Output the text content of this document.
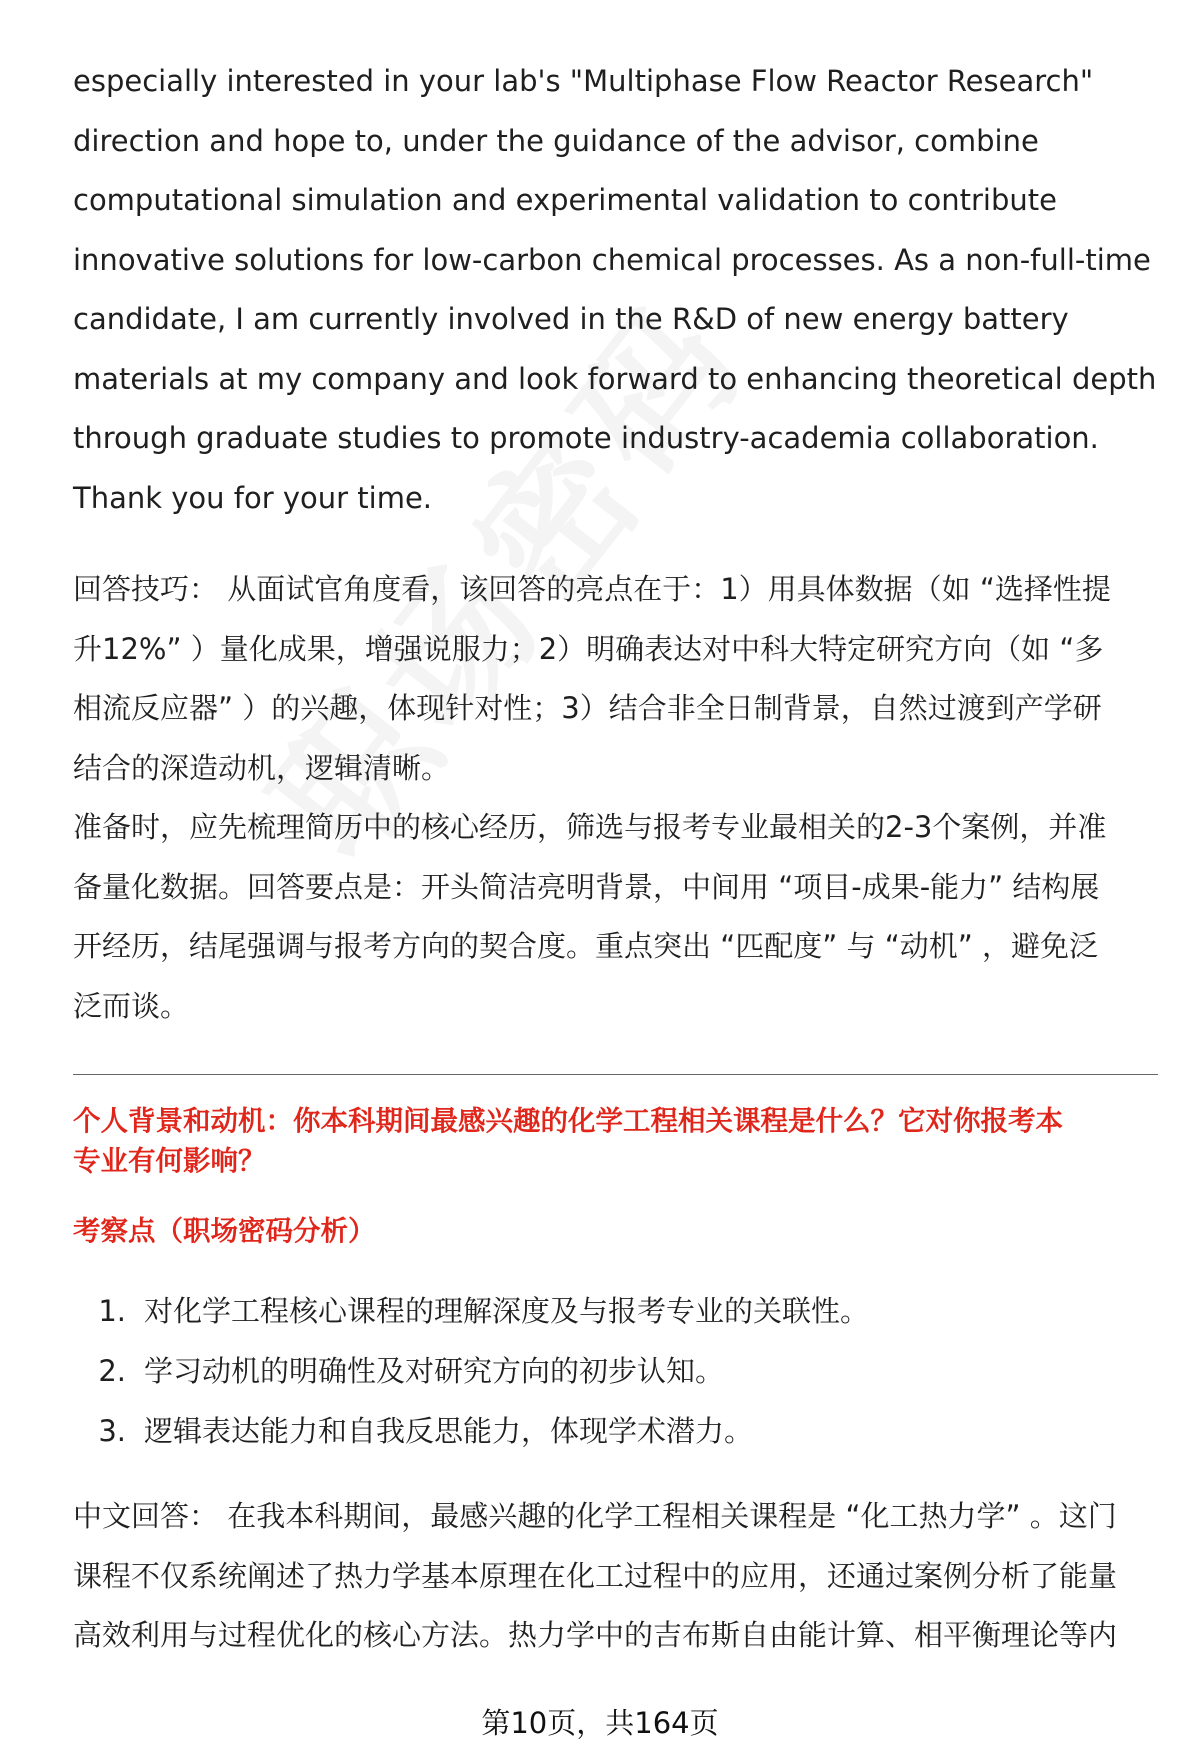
especially interested in your lab's "Multiphase Flow Reactor Research"

direction and hope to, under the guidance of the advisor, combine

computational simulation and experimental validation to contribute

innovative solutions for low-carbon chemical processes. As a non-full-time

candidate, I am currently involved in the R&D of new energy battery

materials at my company and look forward to enhancing theoretical depth

through graduate studies to promote industry-academia collaboration.

Thank you for your time.

回答技巧： 从面试官角度看，该回答的亮点在于：1）用具体数据（如 “选择性提

升12%” ）量化成果，增强说服力；2）明确表达对中科大特定研究方向（如 “多

相流反应器” ）的兴趣，体现针对性；3）结合非全日制背景，自然过渡到产学研

结合的深造动机，逻辑清晰。

准备时，应先梳理简历中的核心经历，筛选与报考专业最相关的2-3个案例，并准

备量化数据。回答要点是：开头简洁亮明背景，中间用 “项目-成果-能力” 结构展

开经历，结尾强调与报考方向的契合度。重点突出 “匹配度” 与 “动机” ，避免泛

泛而谈。

个人背景和动机：你本科期间最感兴趣的化学工程相关课程是什么？它对你报考本
专业有何影响？
考察点（职场密码分析）
1. 对化学工程核心课程的理解深度及与报考专业的关联性。
2. 学习动机的明确性及对研究方向的初步认知。
3. 逻辑表达能力和自我反思能力，体现学术潜力。

中文回答： 在我本科期间，最感兴趣的化学工程相关课程是 “化工热力学” 。这门

课程不仅系统阐述了热力学基本原理在化工过程中的应用，还通过案例分析了能量

高效利用与过程优化的核心方法。热力学中的吉布斯自由能计算、相平衡理论等内

第10页，共164页
